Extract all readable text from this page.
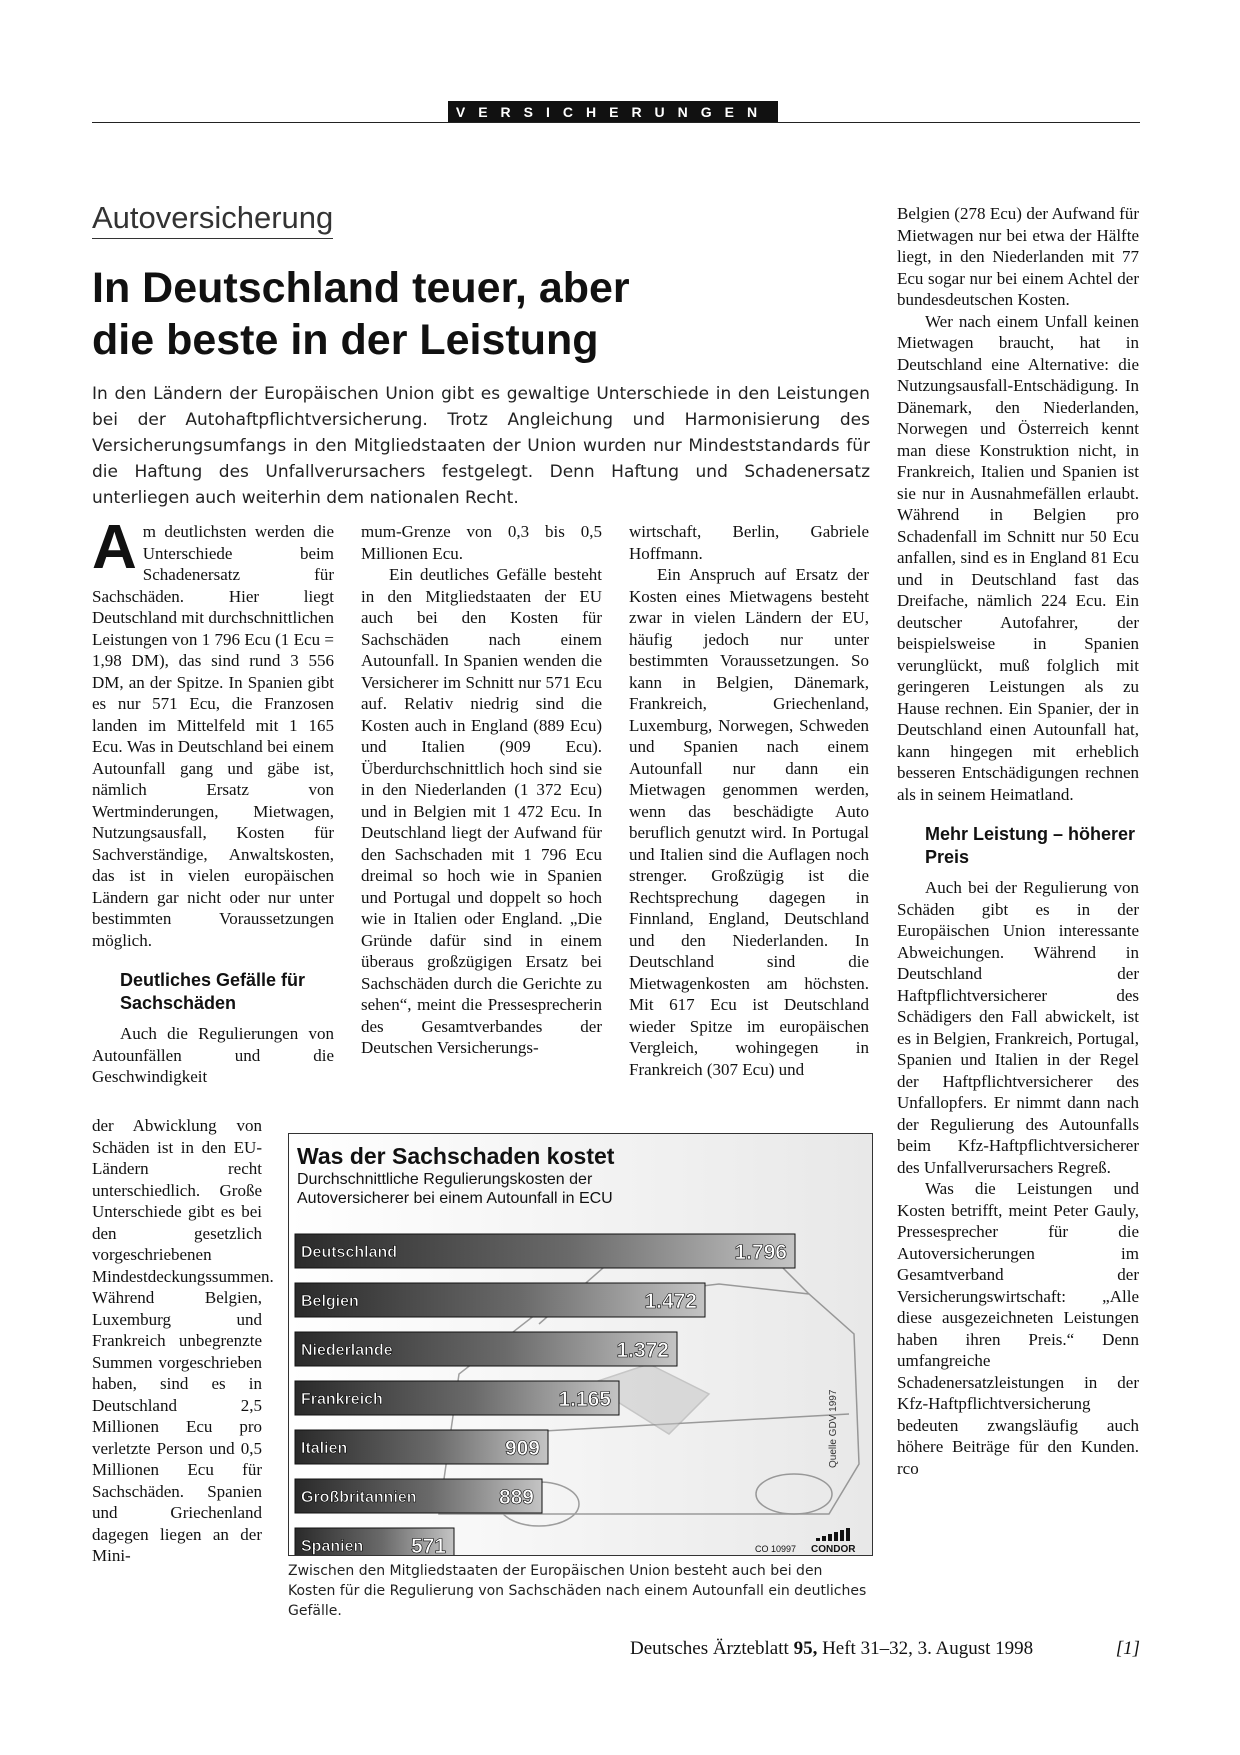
VERSICHERUNGEN
Autoversicherung
In Deutschland teuer, aber
die beste in der Leistung
In den Ländern der Europäischen Union gibt es gewaltige Unterschiede in den Leistungen bei der Autohaftpflichtversicherung. Trotz Angleichung und Harmonisierung des Versicherungsumfangs in den Mitgliedstaaten der Union wurden nur Mindeststandards für die Haftung des Unfallverursachers festgelegt. Denn Haftung und Schadenersatz unterliegen auch weiterhin dem nationalen Recht.

Am deutlichsten werden die Unterschiede beim Schadenersatz für Sachschäden. Hier liegt Deutschland mit durchschnittlichen Leistungen von 1 796 Ecu (1 Ecu = 1,98 DM), das sind rund 3 556 DM, an der Spitze. In Spanien gibt es nur 571 Ecu, die Franzosen landen im Mittelfeld mit 1 165 Ecu. Was in Deutschland bei einem Autounfall gang und gäbe ist, nämlich Ersatz von Wertminderungen, Mietwagen, Nutzungsausfall, Kosten für Sachverständige, Anwaltskosten, das ist in vielen europäischen Ländern gar nicht oder nur unter bestimmten Voraussetzungen möglich.

Deutliches Gefälle für Sachschäden

Auch die Regulierungen von Autounfällen und die Geschwindigkeit

der Abwicklung von Schäden ist in den EU-Ländern recht unterschiedlich. Große Unterschiede gibt es bei den gesetzlich vorgeschriebenen Mindestdeckungssummen. Während Belgien, Luxemburg und Frankreich unbegrenzte Summen vorgeschrieben haben, sind es in Deutschland 2,5 Millionen Ecu pro verletzte Person und 0,5 Millionen Ecu für Sachschäden. Spanien und Griechenland dagegen liegen an der Mini-

mum-Grenze von 0,3 bis 0,5 Millionen Ecu.

Ein deutliches Gefälle besteht in den Mitgliedstaaten der EU auch bei den Kosten für Sachschäden nach einem Autounfall. In Spanien wenden die Versicherer im Schnitt nur 571 Ecu auf. Relativ niedrig sind die Kosten auch in England (889 Ecu) und Italien (909 Ecu). Überdurchschnittlich hoch sind sie in den Niederlanden (1 372 Ecu) und in Belgien mit 1 472 Ecu. In Deutschland liegt der Aufwand für den Sachschaden mit 1 796 Ecu dreimal so hoch wie in Spanien und Portugal und doppelt so hoch wie in Italien oder England. „Die Gründe dafür sind in einem überaus großzügigen Ersatz bei Sachschäden durch die Gerichte zu sehen“, meint die Pressesprecherin des Gesamtverbandes der Deutschen Versicherungs-

wirtschaft, Berlin, Gabriele Hoffmann.

Ein Anspruch auf Ersatz der Kosten eines Mietwagens besteht zwar in vielen Ländern der EU, häufig jedoch nur unter bestimmten Voraussetzungen. So kann in Belgien, Dänemark, Frankreich, Griechenland, Luxemburg, Norwegen, Schweden und Spanien nach einem Autounfall nur dann ein Mietwagen genommen werden, wenn das beschädigte Auto beruflich genutzt wird. In Portugal und Italien sind die Auflagen noch strenger. Großzügig ist die Rechtsprechung dagegen in Finnland, England, Deutschland und den Niederlanden. In Deutschland sind die Mietwagenkosten am höchsten. Mit 617 Ecu ist Deutschland wieder Spitze im europäischen Vergleich, wohingegen in Frankreich (307 Ecu) und

Belgien (278 Ecu) der Aufwand für Mietwagen nur bei etwa der Hälfte liegt, in den Niederlanden mit 77 Ecu sogar nur bei einem Achtel der bundesdeutschen Kosten.

Wer nach einem Unfall keinen Mietwagen braucht, hat in Deutschland eine Alternative: die Nutzungsausfall-Entschädigung. In Dänemark, den Niederlanden, Norwegen und Österreich kennt man diese Konstruktion nicht, in Frankreich, Italien und Spanien ist sie nur in Ausnahmefällen erlaubt. Während in Belgien pro Schadenfall im Schnitt nur 50 Ecu anfallen, sind es in England 81 Ecu und in Deutschland fast das Dreifache, nämlich 224 Ecu. Ein deutscher Autofahrer, der beispielsweise in Spanien verunglückt, muß folglich mit geringeren Leistungen als zu Hause rechnen. Ein Spanier, der in Deutschland einen Autounfall hat, kann hingegen mit erheblich besseren Entschädigungen rechnen als in seinem Heimatland.

Mehr Leistung – höherer Preis

Auch bei der Regulierung von Schäden gibt es in der Europäischen Union interessante Abweichungen. Während in Deutschland der Haftpflichtversicherer des Schädigers den Fall abwickelt, ist es in Belgien, Frankreich, Portugal, Spanien und Italien in der Regel der Haftpflichtversicherer des Unfallopfers. Er nimmt dann nach der Regulierung des Autounfalls beim Kfz-Haftpflichtversicherer des Unfallverursachers Regreß.

Was die Leistungen und Kosten betrifft, meint Peter Gauly, Pressesprecher für die Autoversicherungen im Gesamtverband der Versicherungswirtschaft: „Alle diese ausgezeichneten Leistungen haben ihren Preis.“ Denn umfangreiche Schadenersatzleistungen in der Kfz-Haftpflichtversicherung bedeuten zwangsläufig auch höhere Beiträge für den Kunden. rco

Was der Sachschaden kostet
Durchschnittliche Regulierungskosten der Autoversicherer bei einem Autounfall in ECU
Deutschland	1.796
Belgien	1.472
Niederlande	1.372
Frankreich	1.165
Italien	909
Großbritannien	889
Spanien 571
Quelle GDV 1997
CO 10997 CONDOR
Zwischen den Mitgliedstaaten der Europäischen Union besteht auch bei den Kosten für die Regulierung von Sachschäden nach einem Autounfall ein deutliches Gefälle.
Deutsches Ärzteblatt 95, Heft 31–32, 3. August 1998	[1]
